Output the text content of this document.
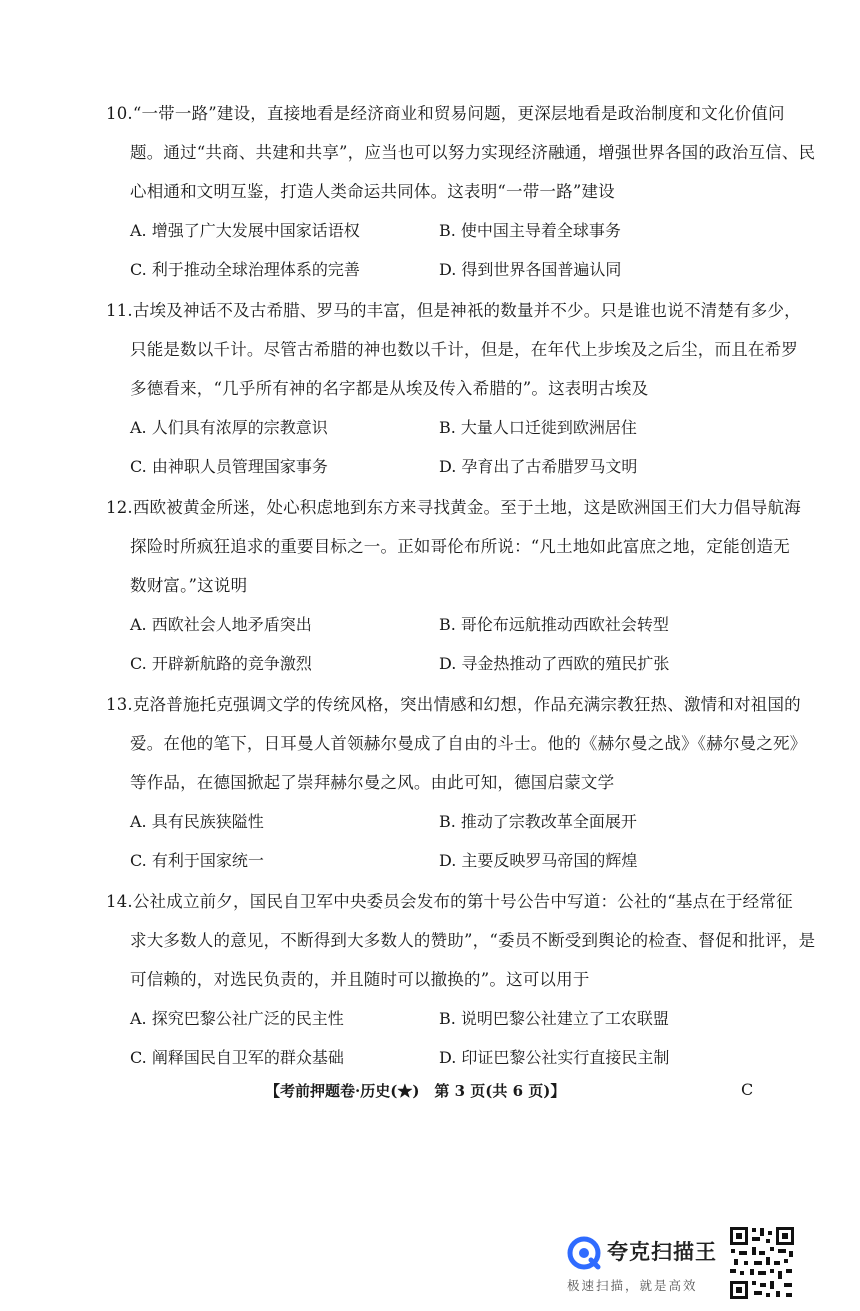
10.“一带一路”建设，直接地看是经济商业和贸易问题，更深层地看是政治制度和文化价值问
题。通过“共商、共建和共享”，应当也可以努力实现经济融通，增强世界各国的政治互信、民
心相通和文明互鉴，打造人类命运共同体。这表明“一带一路”建设
A. 增强了广大发展中国家话语权	B. 使中国主导着全球事务
C. 利于推动全球治理体系的完善	D. 得到世界各国普遍认同
11.古埃及神话不及古希腊、罗马的丰富，但是神祇的数量并不少。只是谁也说不清楚有多少，
只能是数以千计。尽管古希腊的神也数以千计，但是，在年代上步埃及之后尘，而且在希罗
多德看来，“几乎所有神的名字都是从埃及传入希腊的”。这表明古埃及
A. 人们具有浓厚的宗教意识	B. 大量人口迁徙到欧洲居住
C. 由神职人员管理国家事务	D. 孕育出了古希腊罗马文明
12.西欧被黄金所迷，处心积虑地到东方来寻找黄金。至于土地，这是欧洲国王们大力倡导航海
探险时所疯狂追求的重要目标之一。正如哥伦布所说：“凡土地如此富庶之地，定能创造无
数财富。”这说明
A. 西欧社会人地矛盾突出	B. 哥伦布远航推动西欧社会转型
C. 开辟新航路的竞争激烈	D. 寻金热推动了西欧的殖民扩张
13.克洛普施托克强调文学的传统风格，突出情感和幻想，作品充满宗教狂热、激情和对祖国的
爱。在他的笔下，日耳曼人首领赫尔曼成了自由的斗士。他的《赫尔曼之战》《赫尔曼之死》
等作品，在德国掀起了崇拜赫尔曼之风。由此可知，德国启蒙文学
A. 具有民族狭隘性	B. 推动了宗教改革全面展开
C. 有利于国家统一	D. 主要反映罗马帝国的辉煌
14.公社成立前夕，国民自卫军中央委员会发布的第十号公告中写道：公社的“基点在于经常征
求大多数人的意见，不断得到大多数人的赞助”，“委员不断受到舆论的检查、督促和批评，是
可信赖的，对选民负责的，并且随时可以撤换的”。这可以用于
A. 探究巴黎公社广泛的民主性	B. 说明巴黎公社建立了工农联盟
C. 阐释国民自卫军的群众基础	D. 印证巴黎公社实行直接民主制
【考前押题卷·历史(★)　第 3 页(共 6 页)】	C
夸克扫描王
极速扫描，就是高效
